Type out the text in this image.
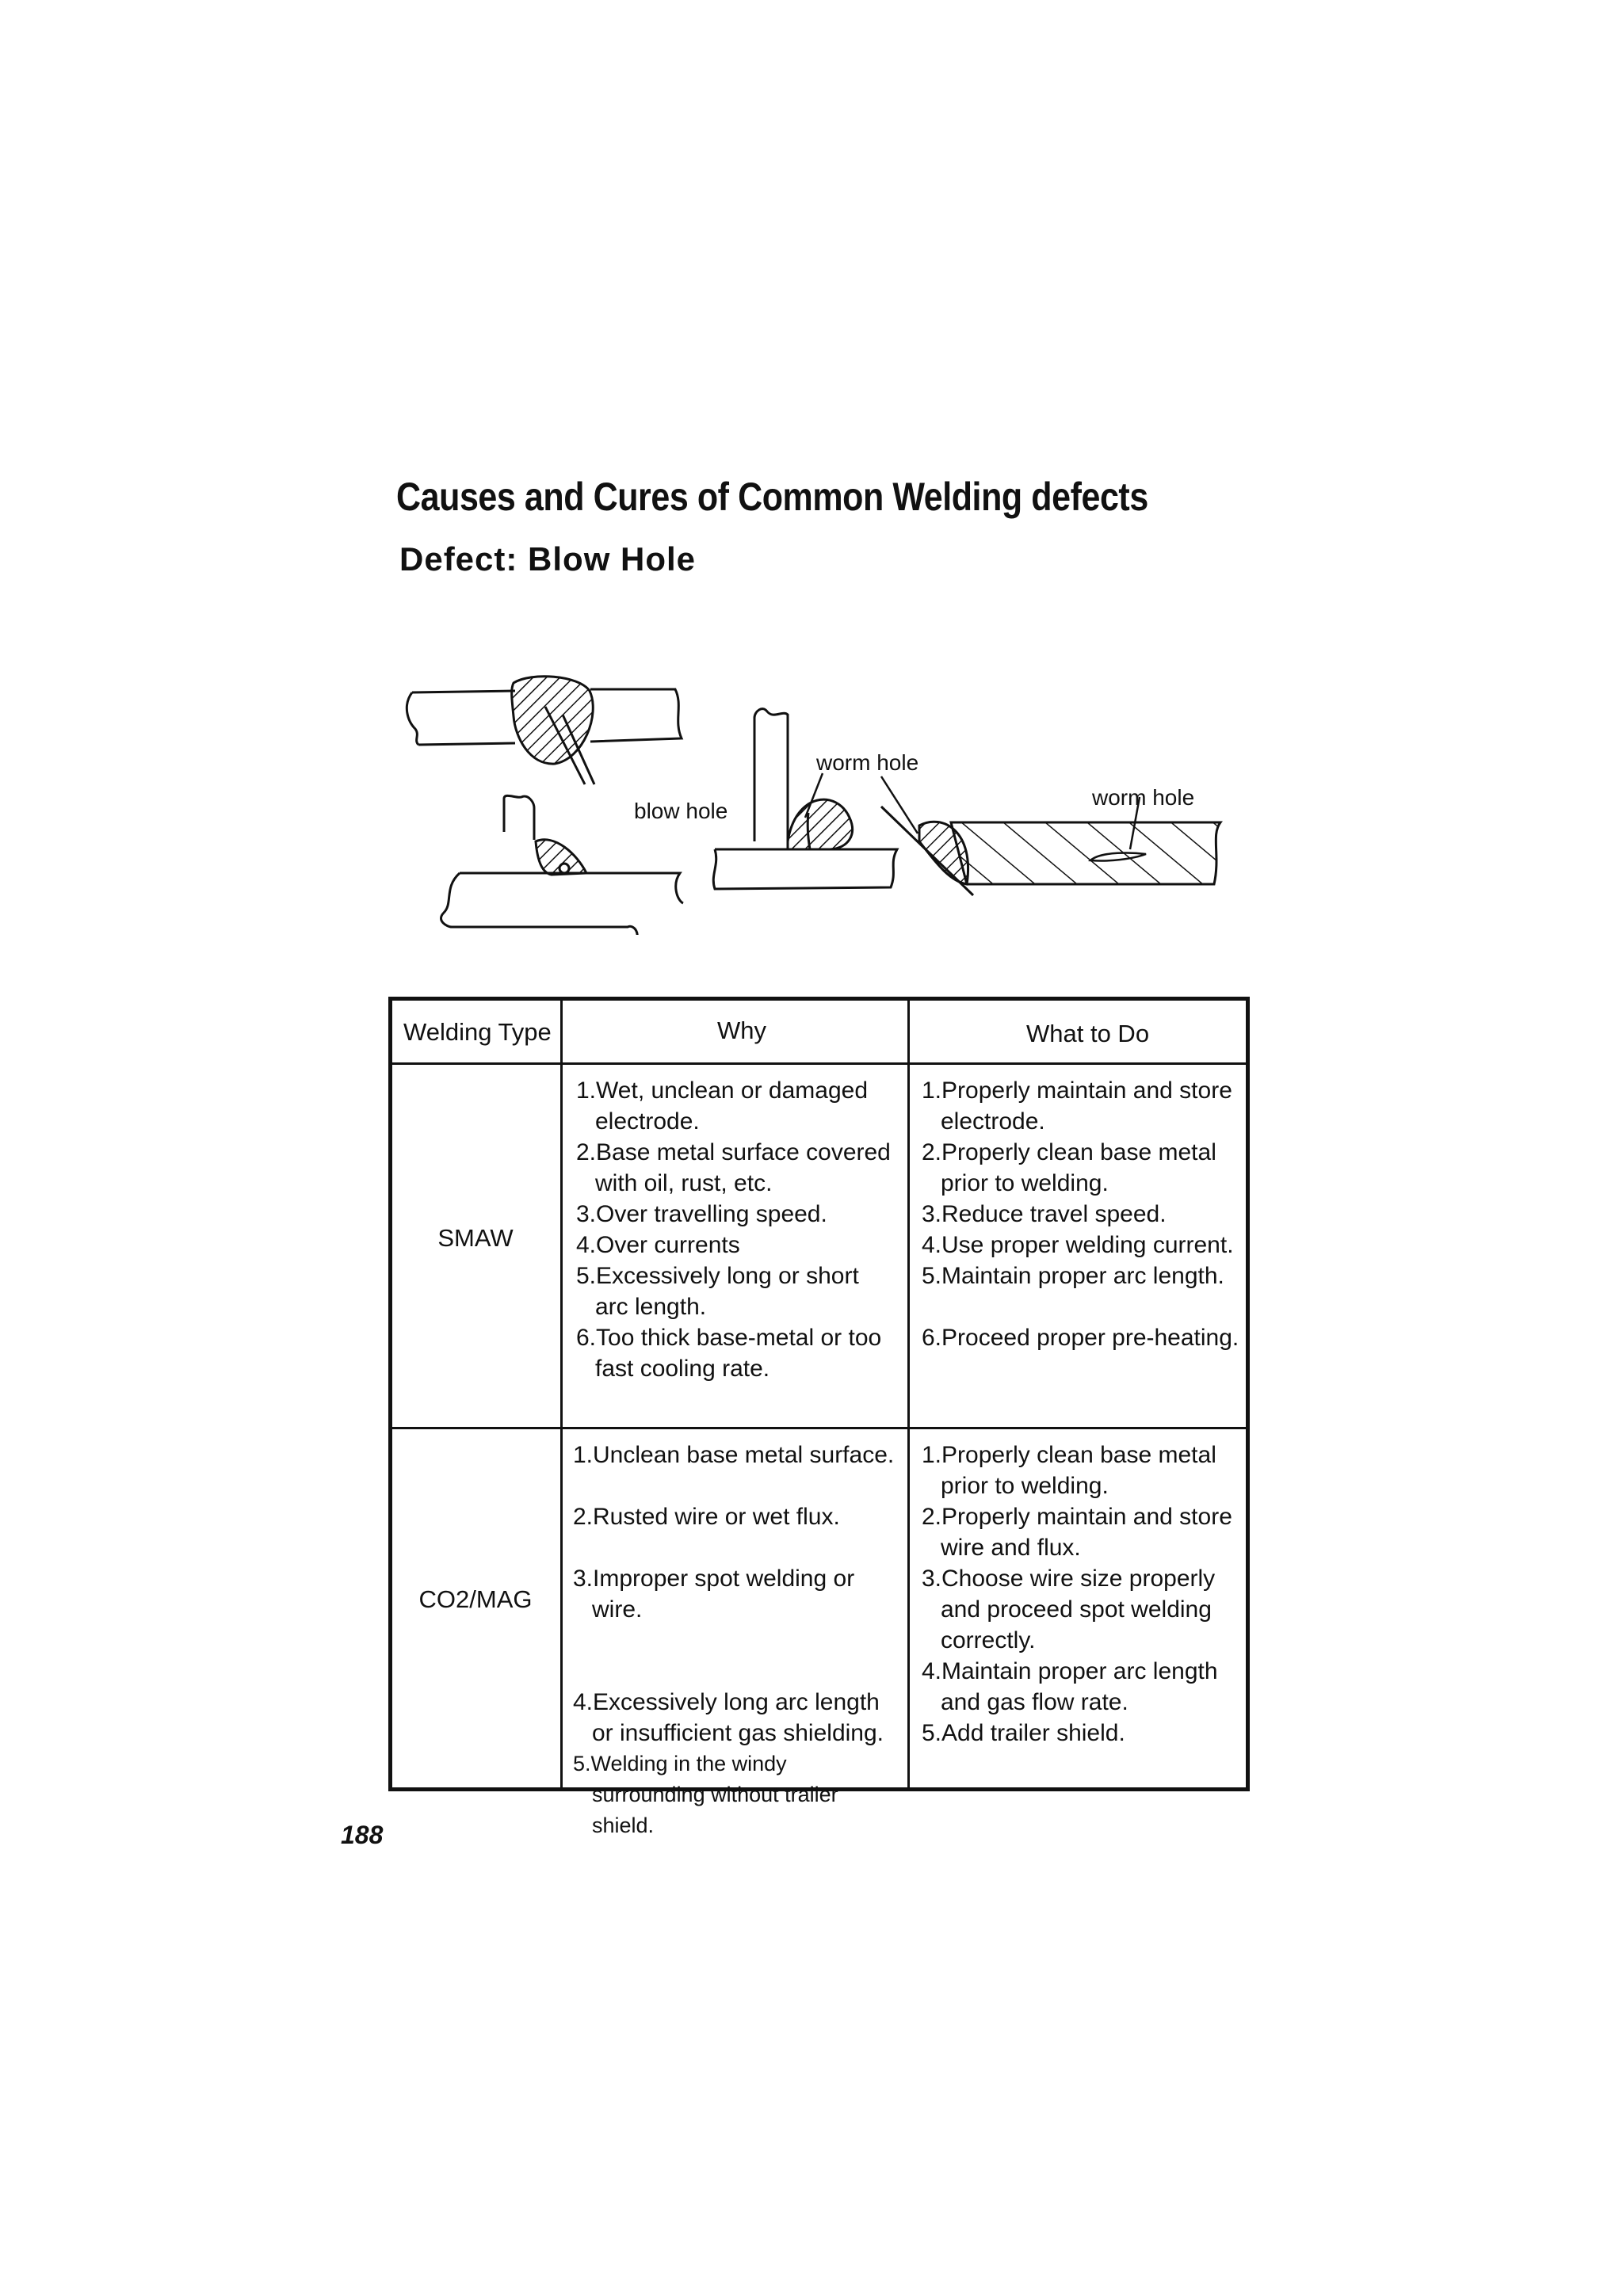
Causes and Cures of Common Welding defects
Defect: Blow Hole
blow hole
worm hole
worm hole
Welding Type	Why	What to Do
SMAW
CO2/MAG
1.Wet, unclean or damaged electrode.
2.Base metal surface covered with oil, rust, etc.
3.Over travelling speed.
4.Over currents
5.Excessively long or short arc length.
6.Too thick base-metal or too fast cooling rate.
1.Properly maintain and store electrode.
2.Properly clean base metal prior to welding.
3.Reduce travel speed.
4.Use proper welding current.
5.Maintain proper arc length.
6.Proceed proper pre-heating.
1.Unclean base metal surface.
2.Rusted wire or wet flux.
3.Improper spot welding or wire.
4.Excessively long arc length or insufficient gas shielding.
5.Welding in the windy surrounding without trailer shield.
1.Properly clean base metal prior to welding.
2.Properly maintain and store wire and flux.
3.Choose wire size properly and proceed spot welding correctly.
4.Maintain proper arc length and gas flow rate.
5.Add trailer shield.
188
